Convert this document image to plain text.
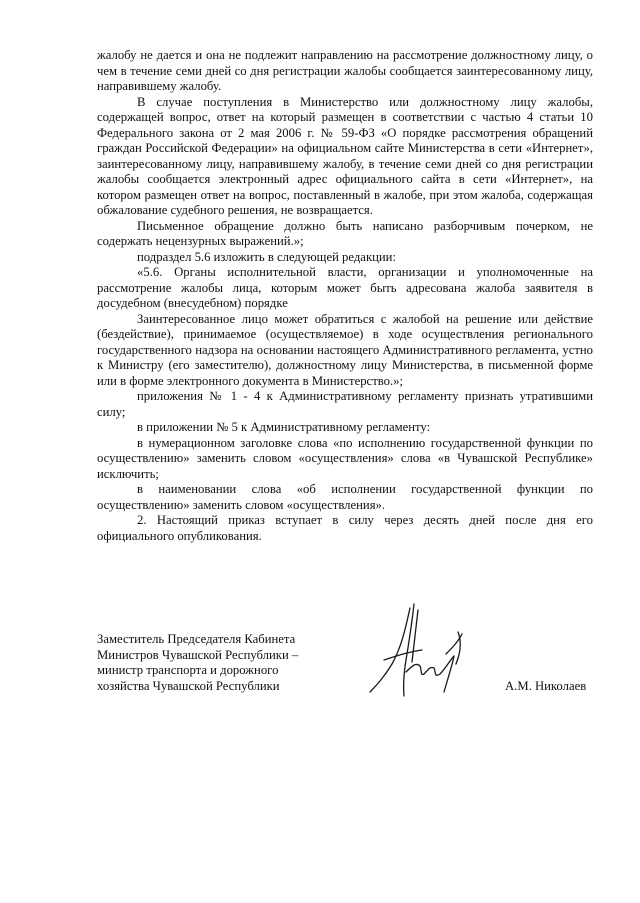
жалобу не дается и она не подлежит направлению на рассмотрение должностному лицу, о чем в течение семи дней со дня регистрации жалобы сообщается заинтересованному лицу, направившему жалобу.

В случае поступления в Министерство или должностному лицу жалобы, содержащей вопрос, ответ на который размещен в соответствии с частью 4 статьи 10 Федерального закона от 2 мая 2006 г. № 59-ФЗ «О порядке рассмотрения обращений граждан Российской Федерации» на официальном сайте Министерства в сети «Интернет», заинтересованному лицу, направившему жалобу, в течение семи дней со дня регистрации жалобы сообщается электронный адрес официального сайта в сети «Интернет», на котором размещен ответ на вопрос, поставленный в жалобе, при этом жалоба, содержащая обжалование судебного решения, не возвращается.

Письменное обращение должно быть написано разборчивым почерком, не содержать нецензурных выражений.»;

подраздел 5.6 изложить в следующей редакции:

«5.6. Органы исполнительной власти, организации и уполномоченные на рассмотрение жалобы лица, которым может быть адресована жалоба заявителя в досудебном (внесудебном) порядке

Заинтересованное лицо может обратиться с жалобой на решение или действие (бездействие), принимаемое (осуществляемое) в ходе осуществления регионального государственного надзора на основании настоящего Административного регламента, устно к Министру (его заместителю), должностному лицу Министерства, в письменной форме или в форме электронного документа в Министерство.»;

приложения № 1 - 4 к Административному регламенту признать утратившими силу;

в приложении № 5 к Административному регламенту:

в нумерационном заголовке слова «по исполнению государственной функции по осуществлению» заменить словом «осуществления» слова «в Чувашской Республике» исключить;

в наименовании слова «об исполнении государственной функции по осуществлению» заменить словом «осуществления».

2. Настоящий приказ вступает в силу через десять дней после дня его официального опубликования.

Заместитель Председателя Кабинета
Министров Чувашской Республики –
министр транспорта и дорожного
хозяйства Чувашской Республики	А.М. Николаев
